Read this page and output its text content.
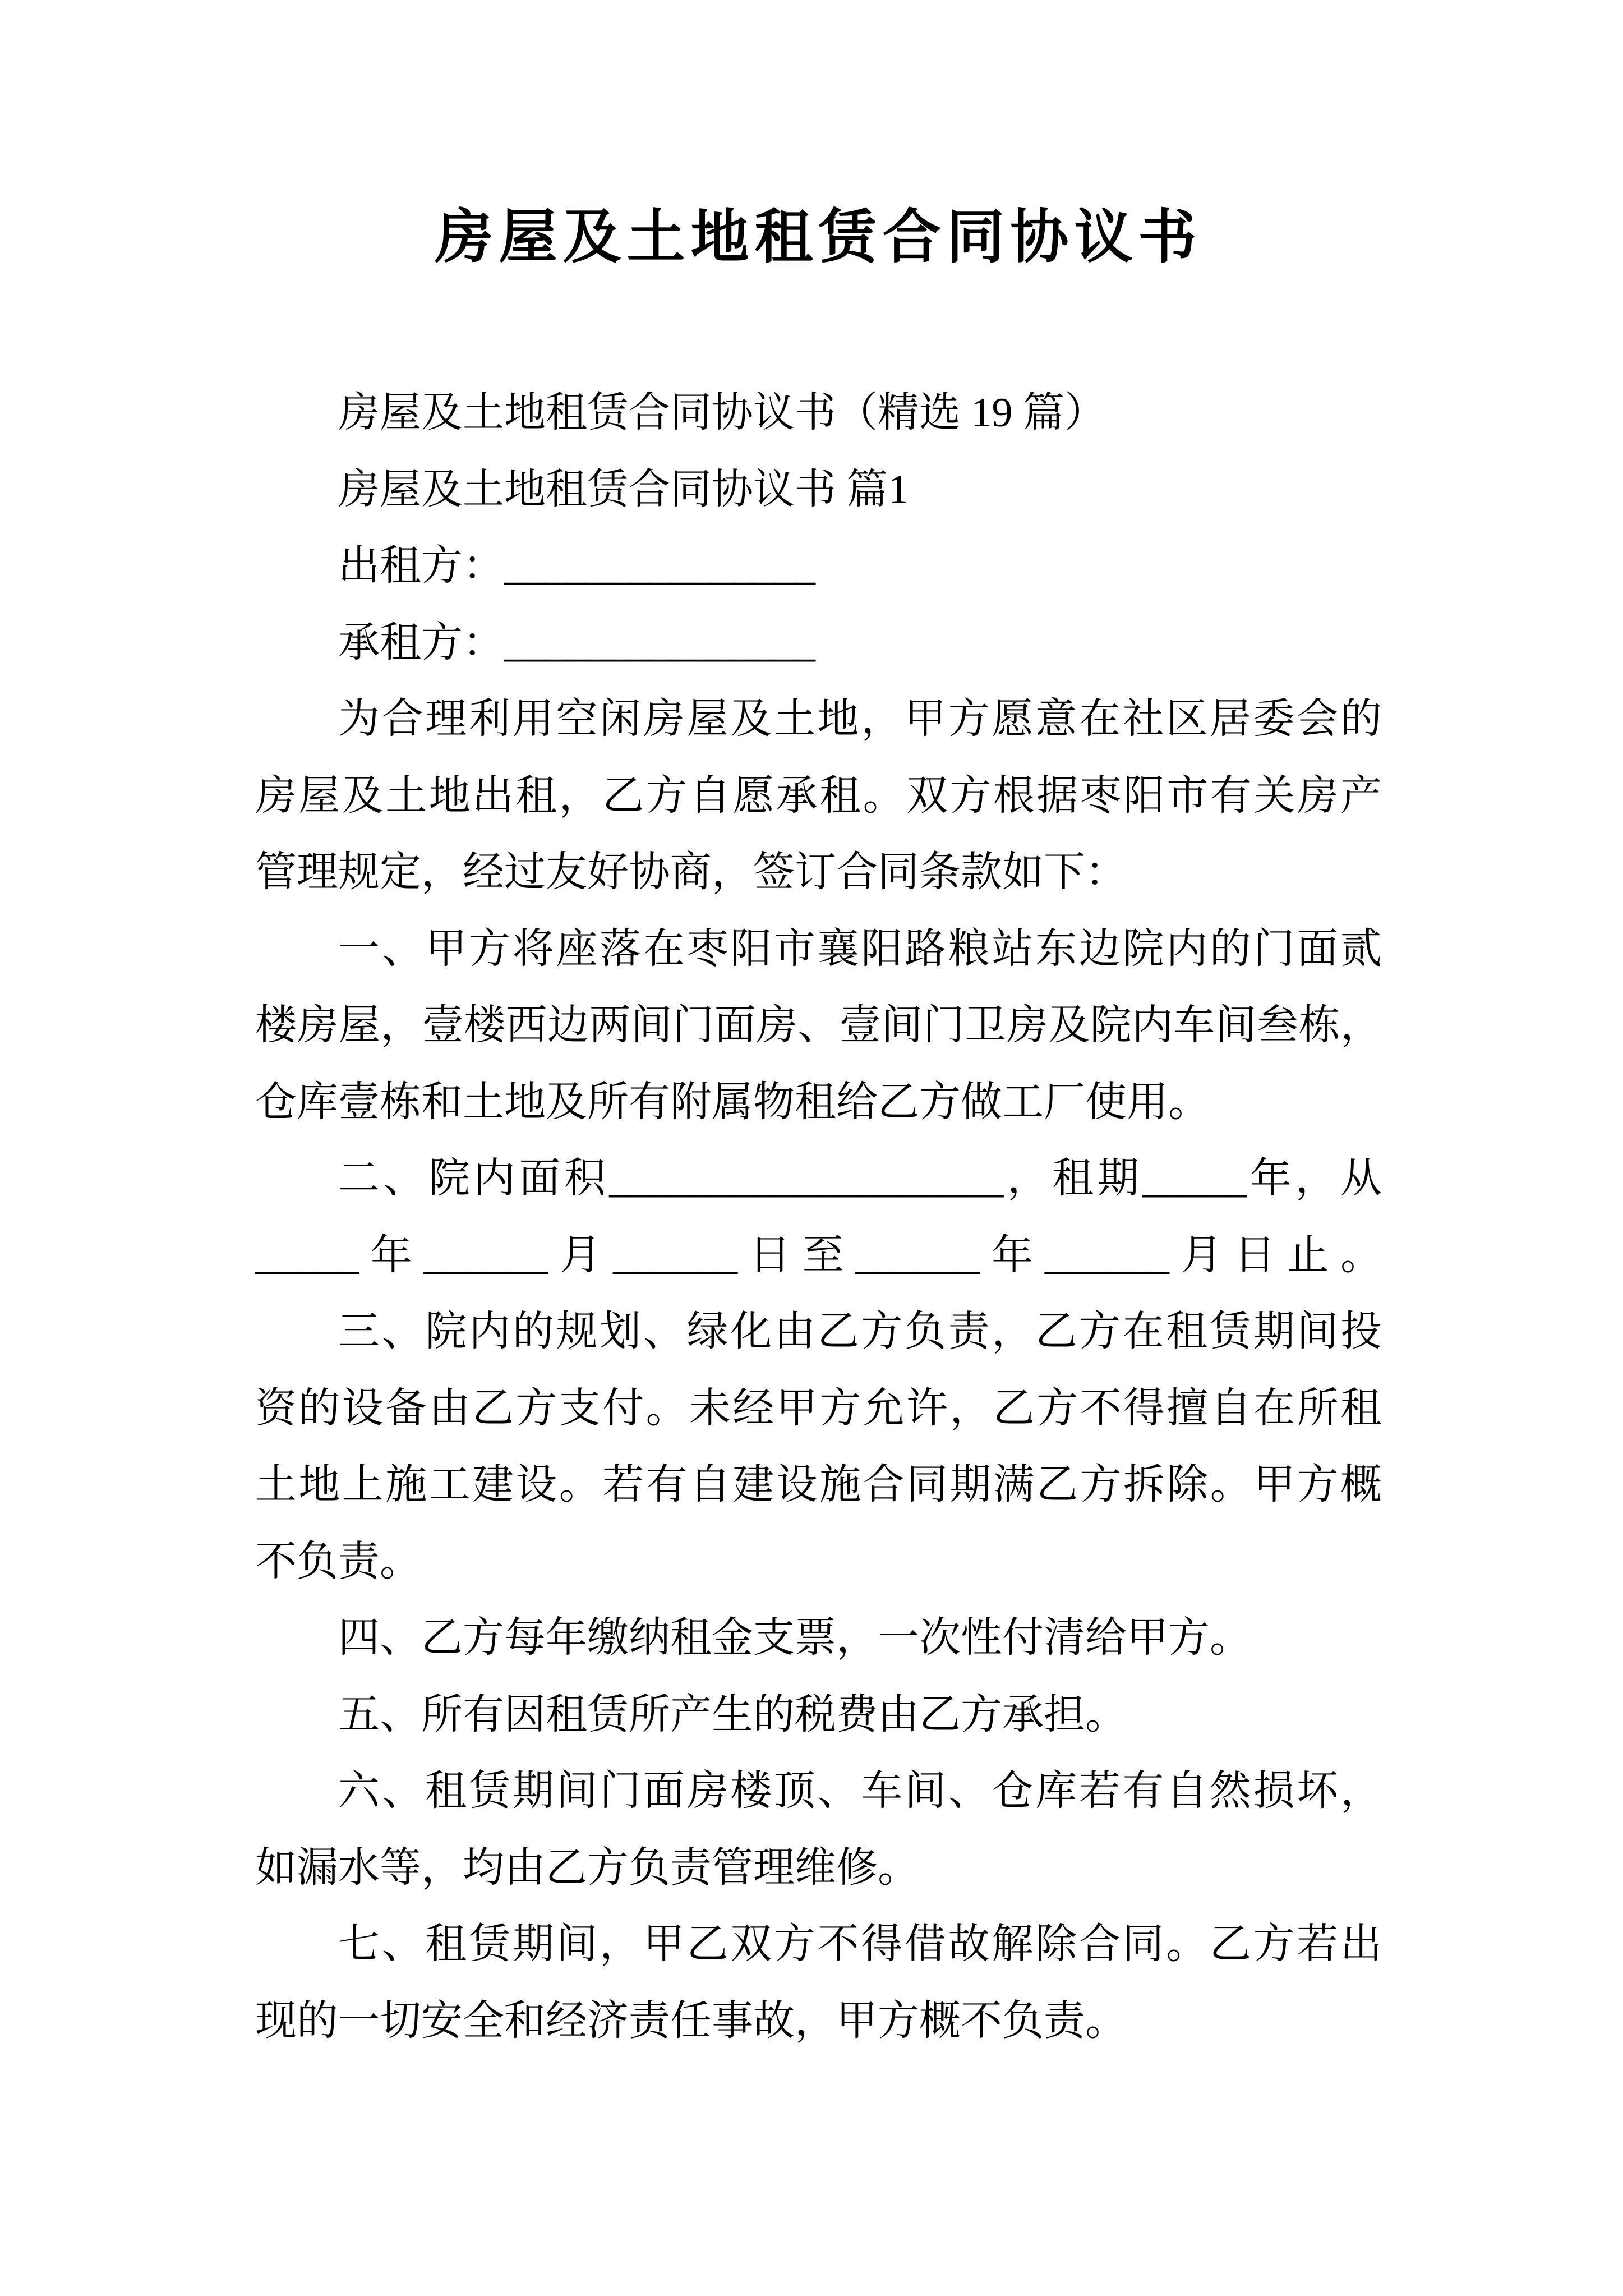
房屋及土地租赁合同协议书
房屋及土地租赁合同协议书（精选 19 篇）
房屋及土地租赁合同协议书 篇1
出租方：_______________
承租方：_______________
为合理利用空闲房屋及土地，甲方愿意在社区居委会的
房屋及土地出租，乙方自愿承租。双方根据枣阳市有关房产
管理规定，经过友好协商，签订合同条款如下：
一、甲方将座落在枣阳市襄阳路粮站东边院内的门面贰
楼房屋，壹楼西边两间门面房、壹间门卫房及院内车间叁栋，
仓库壹栋和土地及所有附属物租给乙方做工厂使用。
二、院内面积___________________，租期_____年，从
_____年______月______日至______年______月日止。
三、院内的规划、绿化由乙方负责，乙方在租赁期间投
资的设备由乙方支付。未经甲方允许，乙方不得擅自在所租
土地上施工建设。若有自建设施合同期满乙方拆除。甲方概
不负责。
四、乙方每年缴纳租金支票，一次性付清给甲方。
五、所有因租赁所产生的税费由乙方承担。
六、租赁期间门面房楼顶、车间、仓库若有自然损坏，
如漏水等，均由乙方负责管理维修。
七、租赁期间，甲乙双方不得借故解除合同。乙方若出
现的一切安全和经济责任事故，甲方概不负责。
